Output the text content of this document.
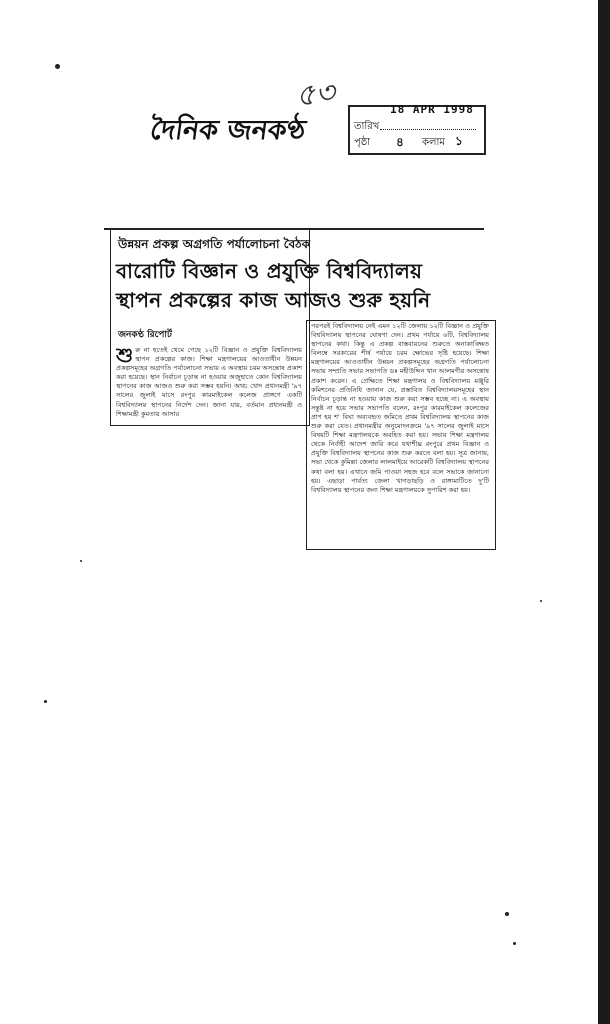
৫৩
দৈনিক জনকণ্ঠ
18 APR 1998
তারিখ
পৃষ্ঠা ৪ কলাম ১
উন্নয়ন প্রকল্প অগ্রগতি পর্যালোচনা বৈঠক
বারোটি বিজ্ঞান ও প্রযুক্তি বিশ্ববিদ্যালয়
স্থাপন প্রকল্পের কাজ আজও শুরু হয়নি
জনকণ্ঠ রিপোর্ট
শু রু না হতেই থেমে গেছে ১২টি বিজ্ঞান ও প্রযুক্তি বিশ্ববিদ্যালয় স্থাপন প্রকল্পের কাজ। শিক্ষা মন্ত্রণালয়ের আওতাধীন উন্নয়ন প্রকল্পসমূহের অগ্রগতি পর্যালোচনা সভায় এ অবস্থায় চরম অসন্তোষ প্রকাশ করা হয়েছে। স্থান নির্বাচন চূড়ান্ত না হওয়ার অজুহাতে কোন বিশ্ববিদ্যালয় স্থাপনের কাজ আজও শুরু করা সম্ভব হয়নি। অথচ খোদ প্রধানমন্ত্রী '৯৭ সালের জুলাই মাসে রংপুর কারমাইকেল কলেজ প্রাঙ্গণে একটি বিশ্ববিদ্যালয় স্থাপনের নির্দেশ দেন। জানা যায়, বর্তমান প্রধানমন্ত্রী ও শিক্ষামন্ত্রী কুমতায় আসার
পরপরই বিশ্ববিদ্যালয় নেই এমন ১২টি জেলায় ১২টি বিজ্ঞান ও প্রযুক্তি বিশ্ববিদ্যালয় স্থাপনের ঘোষণা দেন। প্রথম পর্যায়ে ৬টি, বিশ্ববিদ্যালয় স্থাপনের কথা। কিন্তু এ প্রকল্প বাস্তবায়নের শুরুতে অনাকাঙ্ক্ষিত বিলম্বে সরকারের শীর্ষ পর্যায়ে চরম ক্ষোভের সৃষ্টি হয়েছে। শিক্ষা মন্ত্রণালয়ের আওতাধীন উন্নয়ন প্রকল্পসমূহের অগ্রগতি পর্যালোচনা সভায় সম্প্রতি সভার সভাপতি ডঃ মহীউদ্দিন খান আলমগীর অসন্তোষ প্রকাশ করেন। এ প্রেক্ষিতে শিক্ষা মন্ত্রণালয় ও বিশ্ববিদ্যালয় মঞ্জুরি কমিশনের প্রতিনিধি জানান যে, প্রস্তাবিত বিশ্ববিদ্যালয়সমূহের স্থান নির্বাচন চূড়ান্ত না হওয়ায় কাজ শুরু করা সম্ভব হচ্ছে না। এ অবস্থায় সন্তুষ্ট না হয়ে সভার সভাপতি বলেন, রংপুর কারমাইকেল কলেজের প্রাণ হয় শ' বিঘা অব্যবহৃত জমিতে প্রথম বিশ্ববিদ্যালয় স্থাপনের কাজ শুরু করা যেত। প্রধানমন্ত্রীর অনুমোদনক্রমে '৯৭ সালের জুলাই মাসে বিষয়টি শিক্ষা মন্ত্রণালয়কে অবহিত করা হয়। সভায় শিক্ষা মন্ত্রণালয় থেকে নির্বাহী আদেশ জারি করে যথাশীঘ্র রংপুরে প্রথম বিজ্ঞান ও প্রযুক্তি বিশ্ববিদ্যালয় স্থাপনের কাজ শুরু করতে বলা হয়। সূত্র জানায়, সভা থেকে কুমিল্লা জেলার লালমাইয়ে আরেকটি বিশ্ববিদ্যালয় স্থাপনের কথা বলা হয়। এখানে জমি পাওয়া সহজ হবে বলে সভাকে জানানো হয়। এছাড়া পার্বত্য জেলা খাগড়াছড়ি ও রাঙ্গামাটিতে দু'টি বিশ্ববিদ্যালয় স্থাপনের জন্য শিক্ষা মন্ত্রণালয়কে সুপারিশ করা হয়।
